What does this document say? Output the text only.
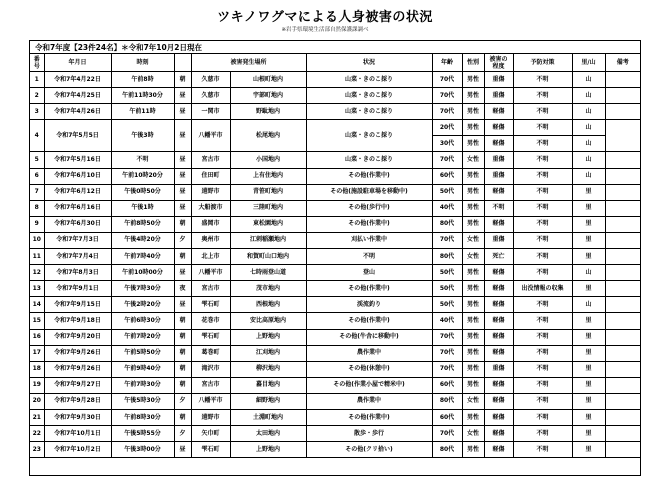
ツキノワグマによる人身被害の状況
※岩手県環境生活部自然保護課調べ
令和7年度【23件24名】＊令和7年10月2日現在
番
号	年月日	時刻		被害発生場所		状況	年齢	性別	被害の
程度	予防対策	里/山	備考
1	令和7年4月22日	午前8時	朝	久慈市	山根町地内	山菜・きのこ採り	70代	男性	重傷	不明	山	
2	令和7年4月25日	午前11時30分	昼	久慈市	宇部町地内	山菜・きのこ採り	70代	男性	重傷	不明	山	
3	令和7年4月26日	午前11時	昼	一関市	野駄地内	山菜・きのこ採り	70代	男性	軽傷	不明	山	
4	令和7年5月5日	午後3時	昼	八幡平市	松尾地内	山菜・きのこ採り	20代	男性	軽傷	不明	山	
							30代	男性	軽傷	不明	山	
5	令和7年5月16日	不明	昼	宮古市	小国地内	山菜・きのこ採り	70代	女性	重傷	不明	山	
6	令和7年6月10日	午前10時20分	昼	住田町	上有住地内	その他(作業中)	60代	男性	重傷	不明	山	
7	令和7年6月12日	午後0時50分	昼	遠野市	青笹町地内	その他(施設駐車場を移動中)	50代	男性	軽傷	不明	里	
8	令和7年6月16日	午後1時	昼	大船渡市	三陸町地内	その他(歩行中)	40代	男性	不明	不明	里	
9	令和7年6月30日	午前8時50分	朝	盛岡市	東松園地内	その他(作業中)	80代	男性	軽傷	不明	里	
10	令和7年7月3日	午後4時20分	夕	奥州市	江刺稲瀬地内	刈払い作業中	70代	女性	重傷	不明	里	
11	令和7年7月4日	午前7時40分	朝	北上市	和賀町山口地内	不明	80代	女性	死亡	不明	里	
12	令和7年8月3日	午前10時00分	昼	八幡平市	七時雨登山道	登山	50代	男性	軽傷	不明	山	
13	令和7年9月1日	午後7時30分	夜	宮古市	茂市地内	その他(作業中)	50代	男性	軽傷	出没情報の収集	里	
14	令和7年9月15日	午後2時20分	昼	雫石町	西根地内	渓流釣り	50代	男性	軽傷	不明	山	
15	令和7年9月18日	午前6時30分	朝	花巻市	安比高原地内	その他(作業中)	40代	男性	軽傷	不明	里	
16	令和7年9月20日	午前7時20分	朝	雫石町	上野地内	その他(牛舎に移動中)	70代	男性	軽傷	不明	里	
17	令和7年9月26日	午前5時50分	朝	葛巻町	江刈地内	農作業中	70代	男性	軽傷	不明	里	
18	令和7年9月26日	午前9時40分	朝	滝沢市	柳沢地内	その他(休憩中)	70代	男性	重傷	不明	里	
19	令和7年9月27日	午前7時30分	朝	宮古市	蟇目地内	その他(作業小屋で精米中)	60代	男性	軽傷	不明	里	
20	令和7年9月28日	午後5時30分	夕	八幡平市	細野地内	農作業中	80代	女性	軽傷	不明	里	
21	令和7年9月30日	午前8時30分	朝	遠野市	土淵町地内	その他(作業中)	60代	男性	軽傷	不明	里	
22	令和7年10月1日	午後5時55分	夕	矢巾町	太田地内	散歩・歩行	70代	女性	軽傷	不明	里	
23	令和7年10月2日	午後3時00分	昼	雫石町	上野地内	その他(クリ拾い)	80代	男性	軽傷	不明	里	
